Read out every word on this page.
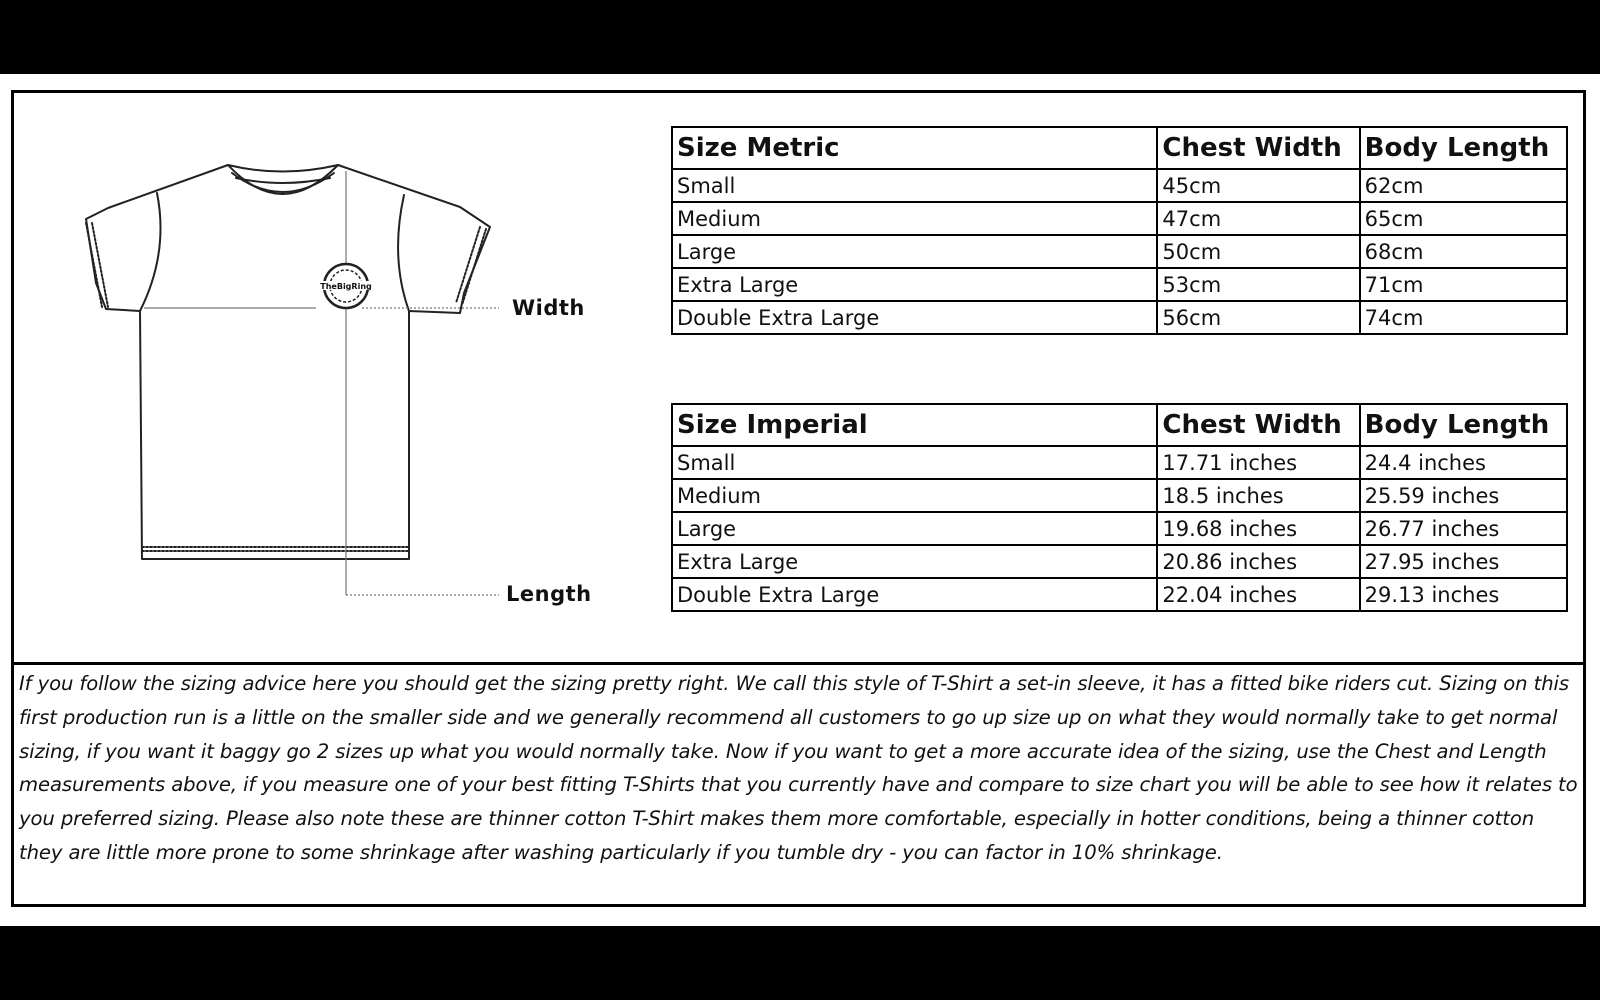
TheBigRing
Width
Length
Size Metric	Chest Width	Body Length
Small	45cm	62cm
Medium	47cm	65cm
Large	50cm	68cm
Extra Large	53cm	71cm
Double Extra Large	56cm	74cm
Size Imperial	Chest Width	Body Length
Small	17.71 inches	24.4 inches
Medium	18.5 inches	25.59 inches
Large	19.68 inches	26.77 inches
Extra Large	20.86 inches	27.95 inches
Double Extra Large	22.04 inches	29.13 inches

If you follow the sizing advice here you should get the sizing pretty right. We call this style of T-Shirt a set-in sleeve, it has a fitted bike riders cut. Sizing on this first production run is a little on the smaller side and we generally recommend all customers to go up size up on what they would normally take to get normal sizing, if you want it baggy go 2 sizes up what you would normally take. Now if you want to get a more accurate idea of the sizing, use the Chest and Length measurements above, if you measure one of your best fitting T-Shirts that you currently have and compare to size chart you will be able to see how it relates to you preferred sizing. Please also note these are thinner cotton T-Shirt makes them more comfortable, especially in hotter conditions, being a thinner cotton they are little more prone to some shrinkage after washing particularly if you tumble dry - you can factor in 10% shrinkage.
